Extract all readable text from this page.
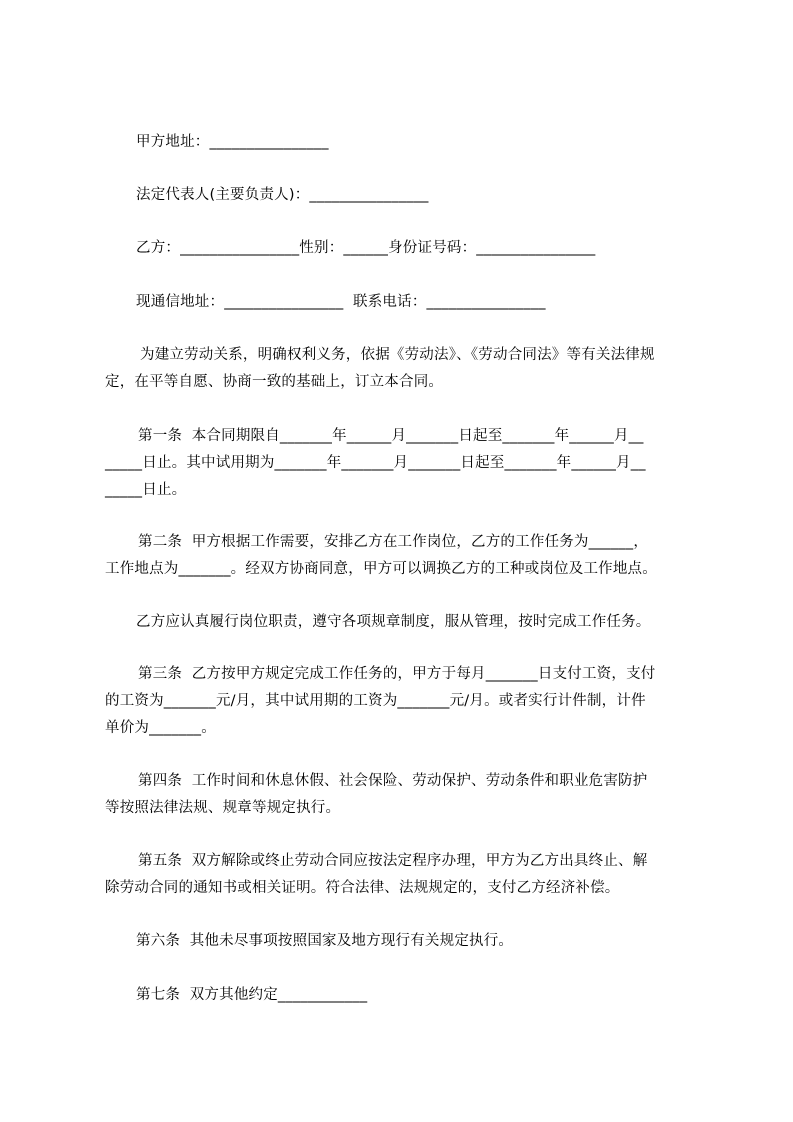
甲方地址：________________
法定代表人(主要负责人)：________________
乙方：________________性别：______身份证号码：________________
现通信地址：________________  联系电话：________________
为建立劳动关系，明确权利义务，依据《劳动法》、《劳动合同法》等有关法律规
定，在平等自愿、协商一致的基础上，订立本合同。
第一条  本合同期限自_______年______月_______日起至_______年______月__
_____日止。其中试用期为_______年_______月_______日起至_______年______月__
_____日止。
第二条  甲方根据工作需要，安排乙方在工作岗位，乙方的工作任务为______，
工作地点为_______。经双方协商同意，甲方可以调换乙方的工种或岗位及工作地点。
乙方应认真履行岗位职责，遵守各项规章制度，服从管理，按时完成工作任务。
第三条  乙方按甲方规定完成工作任务的，甲方于每月_______日支付工资，支付
的工资为_______元/月，其中试用期的工资为_______元/月。或者实行计件制，计件
单价为_______。
第四条  工作时间和休息休假、社会保险、劳动保护、劳动条件和职业危害防护
等按照法律法规、规章等规定执行。
第五条  双方解除或终止劳动合同应按法定程序办理，甲方为乙方出具终止、解
除劳动合同的通知书或相关证明。符合法律、法规规定的，支付乙方经济补偿。
第六条  其他未尽事项按照国家及地方现行有关规定执行。
第七条  双方其他约定____________
